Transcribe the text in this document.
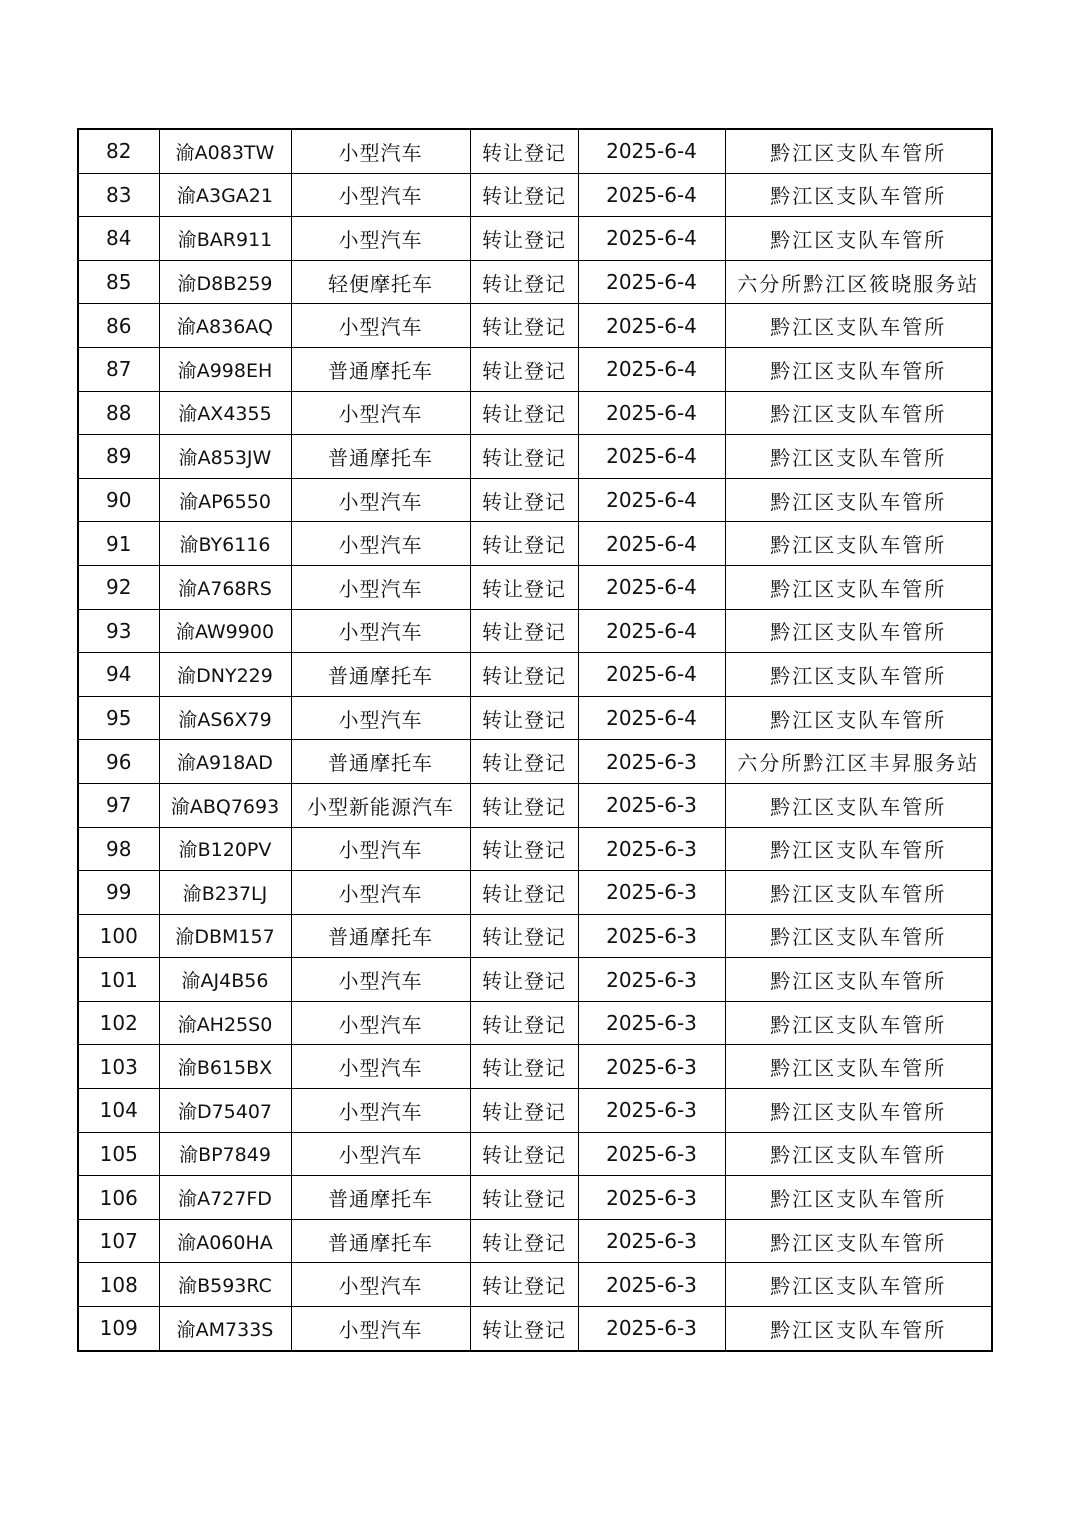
82	渝A083TW	小型汽车	转让登记	2025-6-4	黔江区支队车管所
83	渝A3GA21	小型汽车	转让登记	2025-6-4	黔江区支队车管所
84	渝BAR911	小型汽车	转让登记	2025-6-4	黔江区支队车管所
85	渝D8B259	轻便摩托车	转让登记	2025-6-4	六分所黔江区筱晓服务站
86	渝A836AQ	小型汽车	转让登记	2025-6-4	黔江区支队车管所
87	渝A998EH	普通摩托车	转让登记	2025-6-4	黔江区支队车管所
88	渝AX4355	小型汽车	转让登记	2025-6-4	黔江区支队车管所
89	渝A853JW	普通摩托车	转让登记	2025-6-4	黔江区支队车管所
90	渝AP6550	小型汽车	转让登记	2025-6-4	黔江区支队车管所
91	渝BY6116	小型汽车	转让登记	2025-6-4	黔江区支队车管所
92	渝A768RS	小型汽车	转让登记	2025-6-4	黔江区支队车管所
93	渝AW9900	小型汽车	转让登记	2025-6-4	黔江区支队车管所
94	渝DNY229	普通摩托车	转让登记	2025-6-4	黔江区支队车管所
95	渝AS6X79	小型汽车	转让登记	2025-6-4	黔江区支队车管所
96	渝A918AD	普通摩托车	转让登记	2025-6-3	六分所黔江区丰昇服务站
97	渝ABQ7693	小型新能源汽车	转让登记	2025-6-3	黔江区支队车管所
98	渝B120PV	小型汽车	转让登记	2025-6-3	黔江区支队车管所
99	渝B237LJ	小型汽车	转让登记	2025-6-3	黔江区支队车管所
100	渝DBM157	普通摩托车	转让登记	2025-6-3	黔江区支队车管所
101	渝AJ4B56	小型汽车	转让登记	2025-6-3	黔江区支队车管所
102	渝AH25S0	小型汽车	转让登记	2025-6-3	黔江区支队车管所
103	渝B615BX	小型汽车	转让登记	2025-6-3	黔江区支队车管所
104	渝D75407	小型汽车	转让登记	2025-6-3	黔江区支队车管所
105	渝BP7849	小型汽车	转让登记	2025-6-3	黔江区支队车管所
106	渝A727FD	普通摩托车	转让登记	2025-6-3	黔江区支队车管所
107	渝A060HA	普通摩托车	转让登记	2025-6-3	黔江区支队车管所
108	渝B593RC	小型汽车	转让登记	2025-6-3	黔江区支队车管所
109	渝AM733S	小型汽车	转让登记	2025-6-3	黔江区支队车管所
